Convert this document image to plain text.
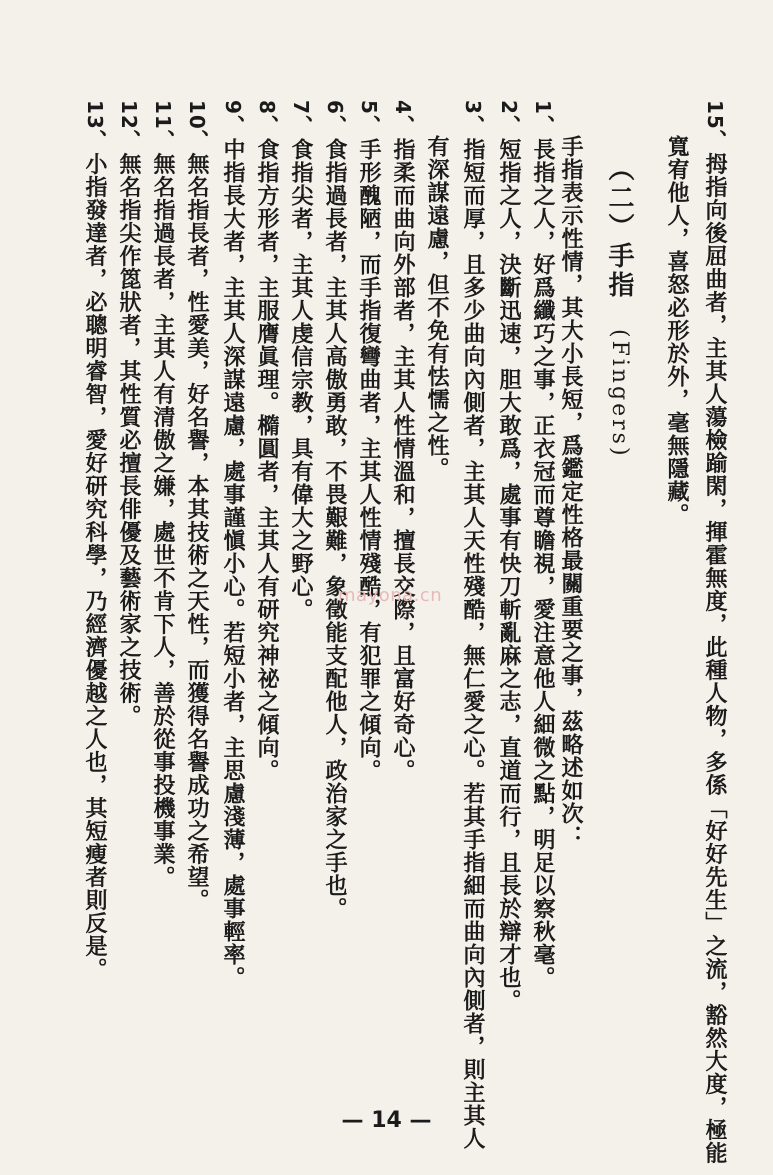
15、拇指向後屈曲者，主其人蕩檢踰閑，揮霍無度，此種人物，多係「好好先生」之流，豁然大度，極能
寬宥他人，喜怒必形於外，毫無隱藏。
（二）手指　(Fingers)
手指表示性情，其大小長短，爲鑑定性格最關重要之事，茲略述如次：
1、長指之人，好爲纖巧之事，正衣冠而尊瞻視，愛注意他人細微之點，明足以察秋毫。
2、短指之人，決斷迅速，胆大敢爲，處事有快刀斬亂麻之志，直道而行，且長於辯才也。
3、指短而厚，且多少曲向內側者，主其人天性殘酷，無仁愛之心。若其手指細而曲向內側者，則主其人
有深謀遠慮，但不免有怯懦之性。
4、指柔而曲向外部者，主其人性情溫和，擅長交際，且富好奇心。
5、手形醜陋，而手指復彎曲者，主其人性情殘酷，有犯罪之傾向。
6、食指過長者，主其人高傲勇敢，不畏艱難，象徵能支配他人，政治家之手也。
7、食指尖者，主其人虔信宗教，具有偉大之野心。
8、食指方形者，主服膺眞理。橢圓者，主其人有研究神祕之傾向。
9、中指長大者，主其人深謀遠慮，處事謹愼小心。若短小者，主思慮淺薄，處事輕率。
10、無名指長者，性愛美，好名譽，本其技術之天性，而獲得名譽成功之希望。
11、無名指過長者，主其人有清傲之嫌，處世不肯下人，善於從事投機事業。
12、無名指尖作箆狀者，其性質必擅長俳優及藝術家之技術。
13、小指發達者，必聰明睿智，愛好研究科學，乃經濟優越之人也，其短瘦者則反是。	mayona.cn
— 14 —
